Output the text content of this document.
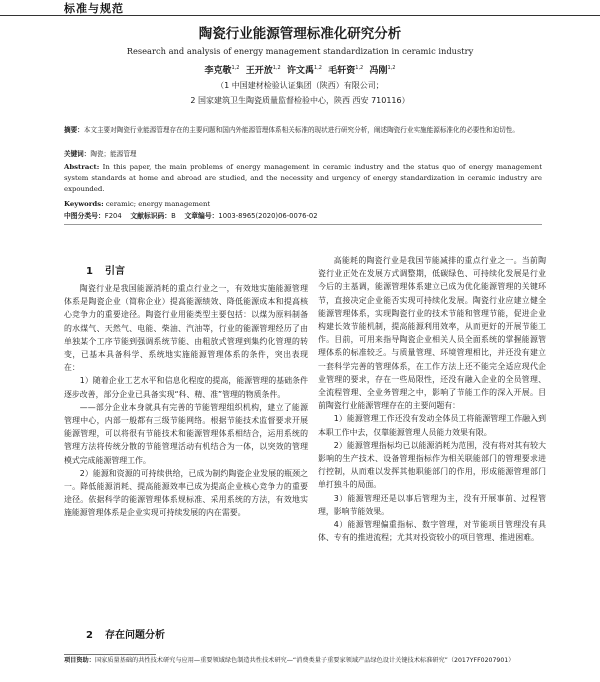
标准与规范
陶瓷行业能源管理标准化研究分析
Research and analysis of energy management standardization in ceramic industry
李克敬$^{1,2}$ 王开放$^{1,2}$ 许文禹$^{1,2}$ 毛轩资$^{1,2}$ 冯刚$^{1,2}$
（1 中国建材检验认证集团（陕西）有限公司；
2 国家建筑卫生陶瓷质量监督检验中心，陕西 西安 710116）
摘要：本文主要对陶瓷行业能源管理存在的主要问题和国内外能源管理体系相关标准的现状进行研究分析，阐述陶瓷行业实施能源标准化的必要性和迫切性。
关键词：陶瓷；能源管理
Abstract: In this paper, the main problems of energy management in ceramic industry and the status quo of energy management system standards at home and abroad are studied, and the necessity and urgency of energy standardization in ceramic industry are expounded.
Keywords: ceramic; energy management
中图分类号：F204 文献标识码：B 文章编号：1003-8965(2020)06-0076-02
1 引言

陶瓷行业是我国能源消耗的重点行业之一，有效地实施能源管理体系是陶瓷企业（简称企业）提高能源绩效、降低能源成本和提高核心竞争力的重要途径。陶瓷行业用能类型主要包括：以煤为原料制备的水煤气、天然气、电能、柴油、汽油等，行业的能源管理经历了由单独某个工序节能到强调系统节能、由粗放式管理到集约化管理的转变，已基本具备科学、系统地实施能源管理体系的条件，突出表现在：

1）随着企业工艺水平和信息化程度的提高，能源管理的基础条件逐步改善，部分企业已具备实现“科、精、准”管理的物质条件。

——部分企业本身就具有完善的节能管理组织机构，建立了能源管理中心，内部一般都有三级节能网络。根据节能技术监督要求开展能源管理，可以将很有节能技术和能源管理体系相结合，运用系统的管理方法将传统分散的节能管理活动有机结合为一体，以突效的管理模式完成能源管理工作。

2）能源和资源的可持续供给，已成为制约陶瓷企业发展的瓶颈之一。降低能源消耗、提高能源效率已成为提高企业核心竞争力的重要途径。依据科学的能源管理体系规标准、采用系统的方法，有效地实施能源管理体系是企业实现可持续发展的内在需要。

2 存在问题分析

高能耗的陶瓷行业是我国节能减排的重点行业之一。当前陶瓷行业正处在发展方式调整期，低碳绿色、可持续化发展是行业今后的主基调，能源管理体系建立已成为优化能源管理的关键环节，直接决定企业能否实现可持续化发展。陶瓷行业应建立健全能源管理体系，实现陶瓷行业的技术节能和管理节能，促进企业构建长效节能机制，提高能源利用效率，从而更好的开展节能工作。目前，可用来指导陶瓷企业相关人员全面系统的掌握能源管理体系的标准较乏。与质量管理、环境管理相比，并还没有建立一套科学完善的管理体系，在工作方法上还不能完全适应现代企业管理的要求，存在一些局限性，还没有融入企业的全员管理、全流程管理、全业务管理之中，影响了节能工作的深入开展。目前陶瓷行业能源管理存在的主要问题有：

1）能源管理工作还没有发动全体员工将能源管理工作融入到本职工作中去，仅靠能源管理人员能力效果有限。

2）能源管理指标均已以能源消耗为范围，没有将对其有较大影响的生产技术、设备管理指标作为相关联能部门的管理要求进行控制，从而难以发挥其他职能部门的作用，形成能源管理部门单打独斗的局面。

3）能源管理还是以事后管理为主，没有开展事前、过程管理，影响节能效果。

4）能源管理偏重指标、数字管理，对节能项目管理没有具体、专有的推进流程；尤其对投资较小的项目管理、推进困难。

项目资助：国家质量基础的共性技术研究与应用—重要领域绿色制造共性技术研究—“消费类量子重要家领域产品绿色设计关键技术标准研究”（2017YFF0207901）
